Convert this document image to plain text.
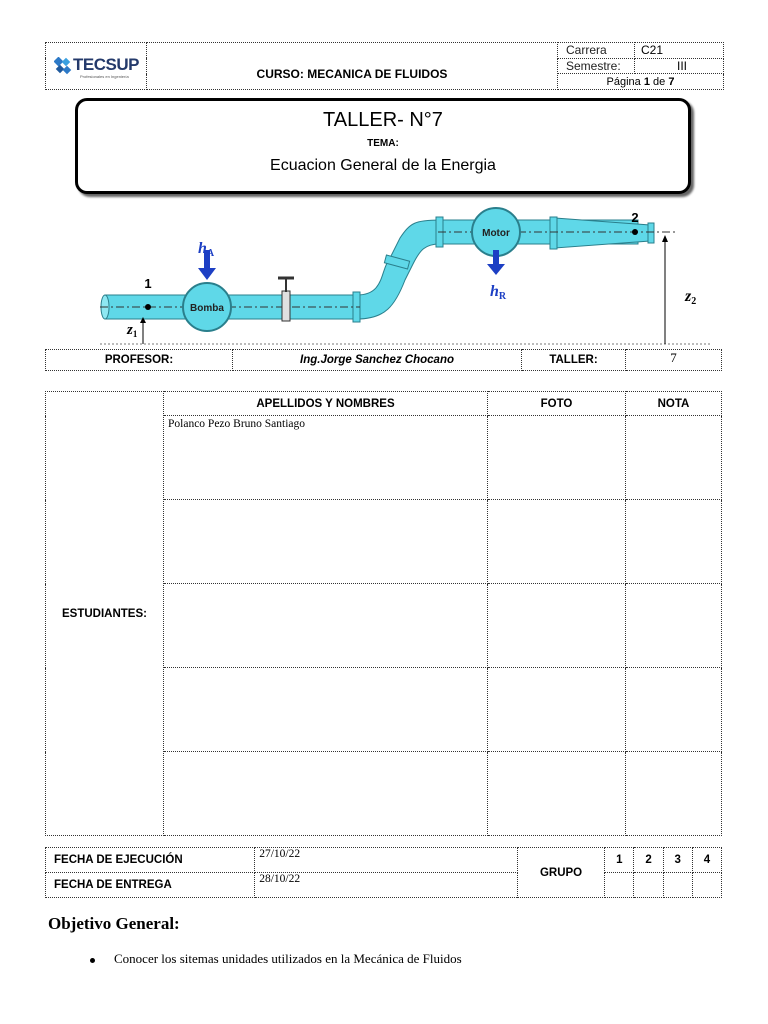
TECSUP
Profesionales en Ingeniería	CURSO: MECANICA DE FLUIDOS	Carrera	C21
		Semestre:	III
		Página 1 de 7	
TALLER- N°7
TEMA:
Ecuacion General de la Energia
Bomba
Motor
hA
hR
1
2
$z_1$
z2
PROFESOR:	Ing.Jorge Sanchez Chocano	TALLER:	7
ESTUDIANTES:	APELLIDOS Y NOMBRES	FOTO	NOTA
	Polanco Pezo Bruno Santiago		

FECHA DE EJECUCIÓN	27/10/22	GRUPO	1	2	3	4
FECHA DE ENTREGA	28/10/22					
Objetivo General:
Conocer los sitemas unidades utilizados en la Mecánica de Fluidos
